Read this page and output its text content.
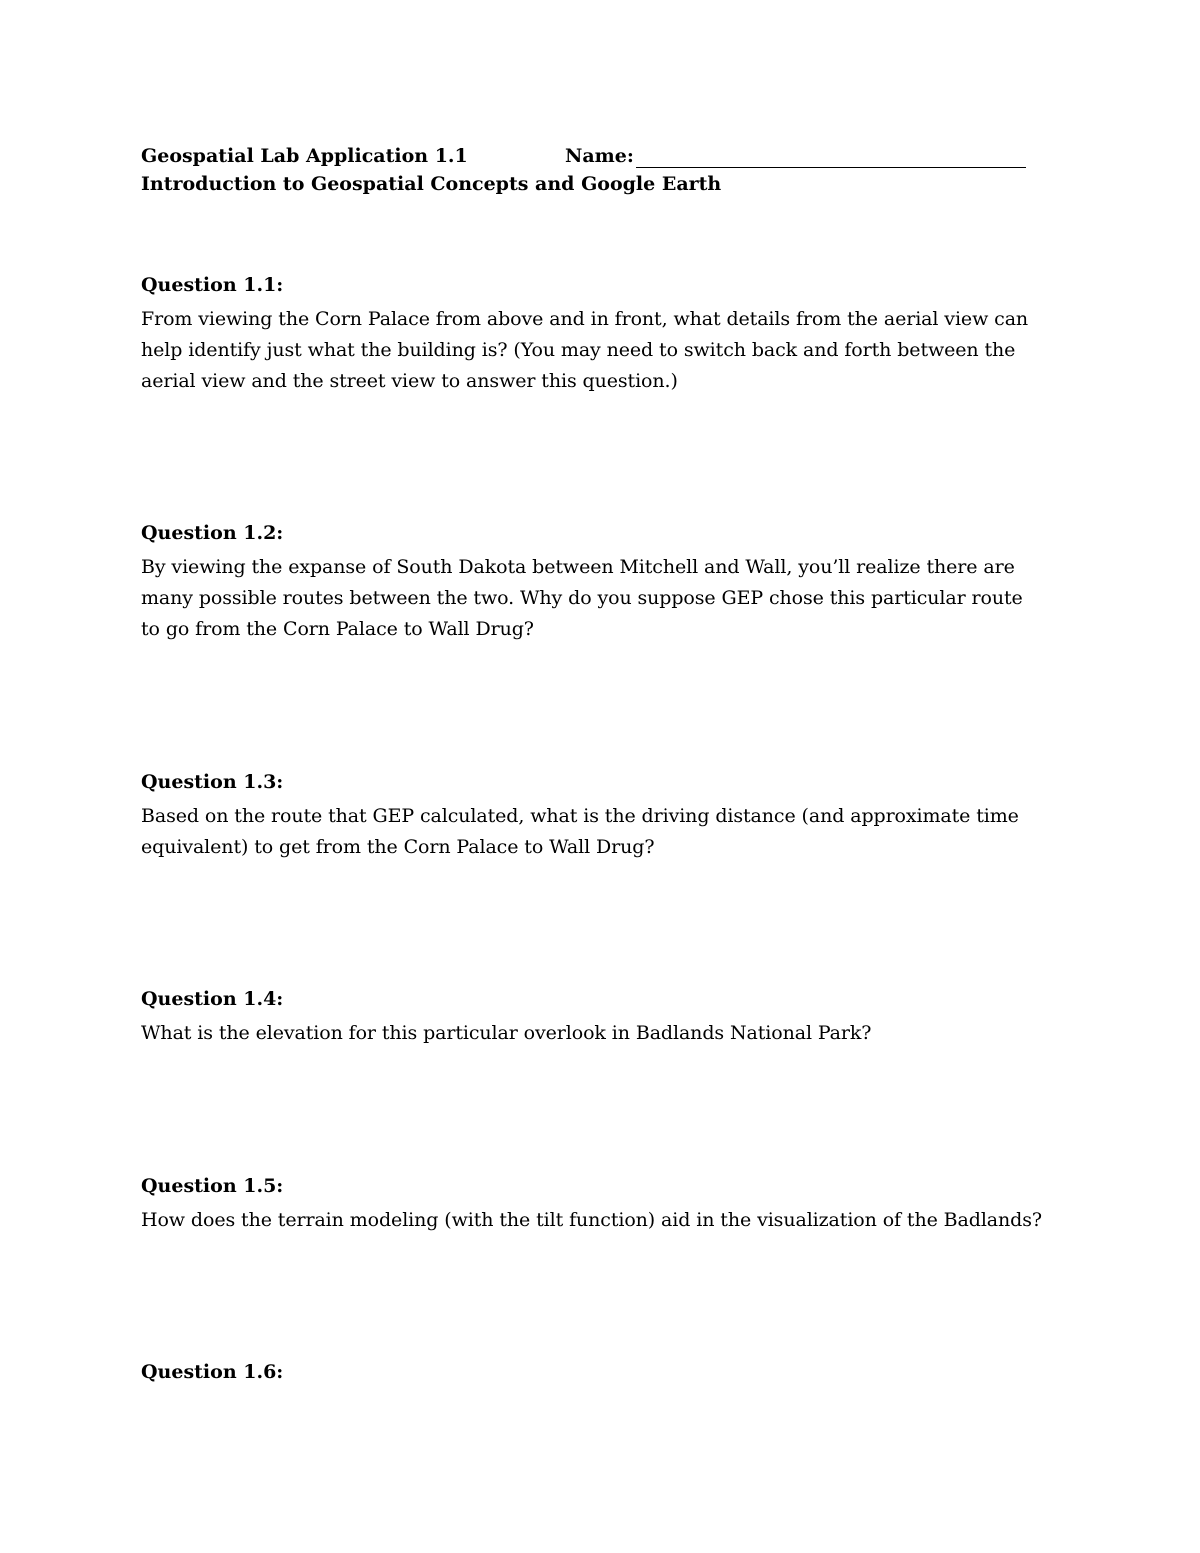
Geospatial Lab Application 1.1	Name:
Introduction to Geospatial Concepts and Google Earth

Question 1.1:

From viewing the Corn Palace from above and in front, what details from the aerial view can help identify just what the building is? (You may need to switch back and forth between the aerial view and the street view to answer this question.)

Question 1.2:

By viewing the expanse of South Dakota between Mitchell and Wall, you’ll realize there are many possible routes between the two. Why do you suppose GEP chose this particular route to go from the Corn Palace to Wall Drug?

Question 1.3:

Based on the route that GEP calculated, what is the driving distance (and approximate time equivalent) to get from the Corn Palace to Wall Drug?

Question 1.4:

What is the elevation for this particular overlook in Badlands National Park?

Question 1.5:

How does the terrain modeling (with the tilt function) aid in the visualization of the Badlands?

Question 1.6:
